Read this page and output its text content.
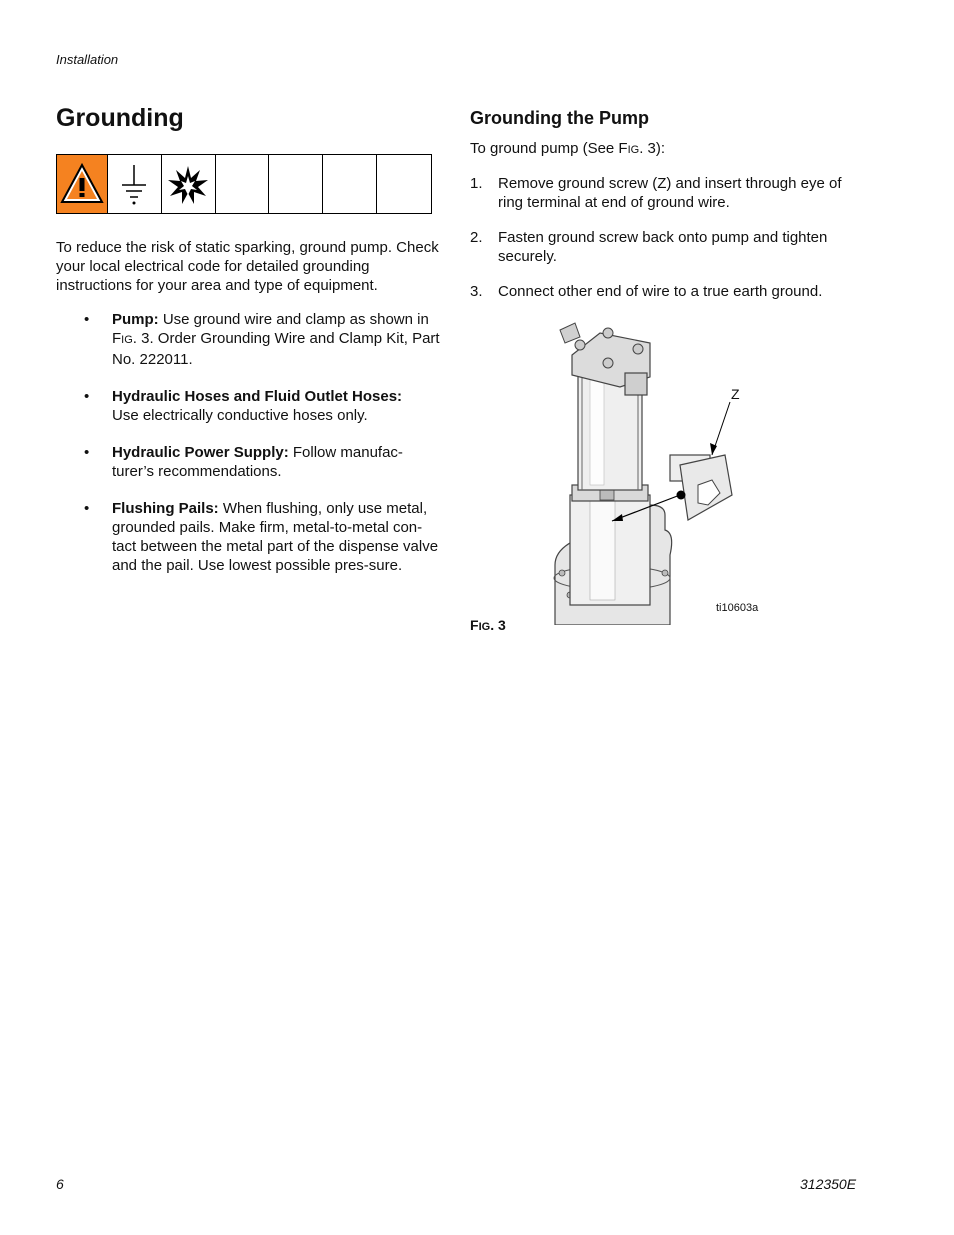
Installation
Grounding
To reduce the risk of static sparking, ground pump. Check your local electrical code for detailed grounding instructions for your area and type of equipment.
• Pump: Use ground wire and clamp as shown in FIG. 3. Order Grounding Wire and Clamp Kit, Part No. 222011.
• Hydraulic Hoses and Fluid Outlet Hoses:
Use electrically conductive hoses only.
• Hydraulic Power Supply: Follow manufac-turer’s recommendations.
• Flushing Pails: When flushing, only use metal, grounded pails. Make firm, metal-to-metal con-tact between the metal part of the dispense valve and the pail. Use lowest possible pres-sure.
Grounding the Pump
To ground pump (See FIG. 3):
1. Remove ground screw (Z) and insert through eye of ring terminal at end of ground wire.
2. Fasten ground screw back onto pump and tighten securely.
3. Connect other end of wire to a true earth ground.
Z
ti10603a
FIG. 3
6	312350E
